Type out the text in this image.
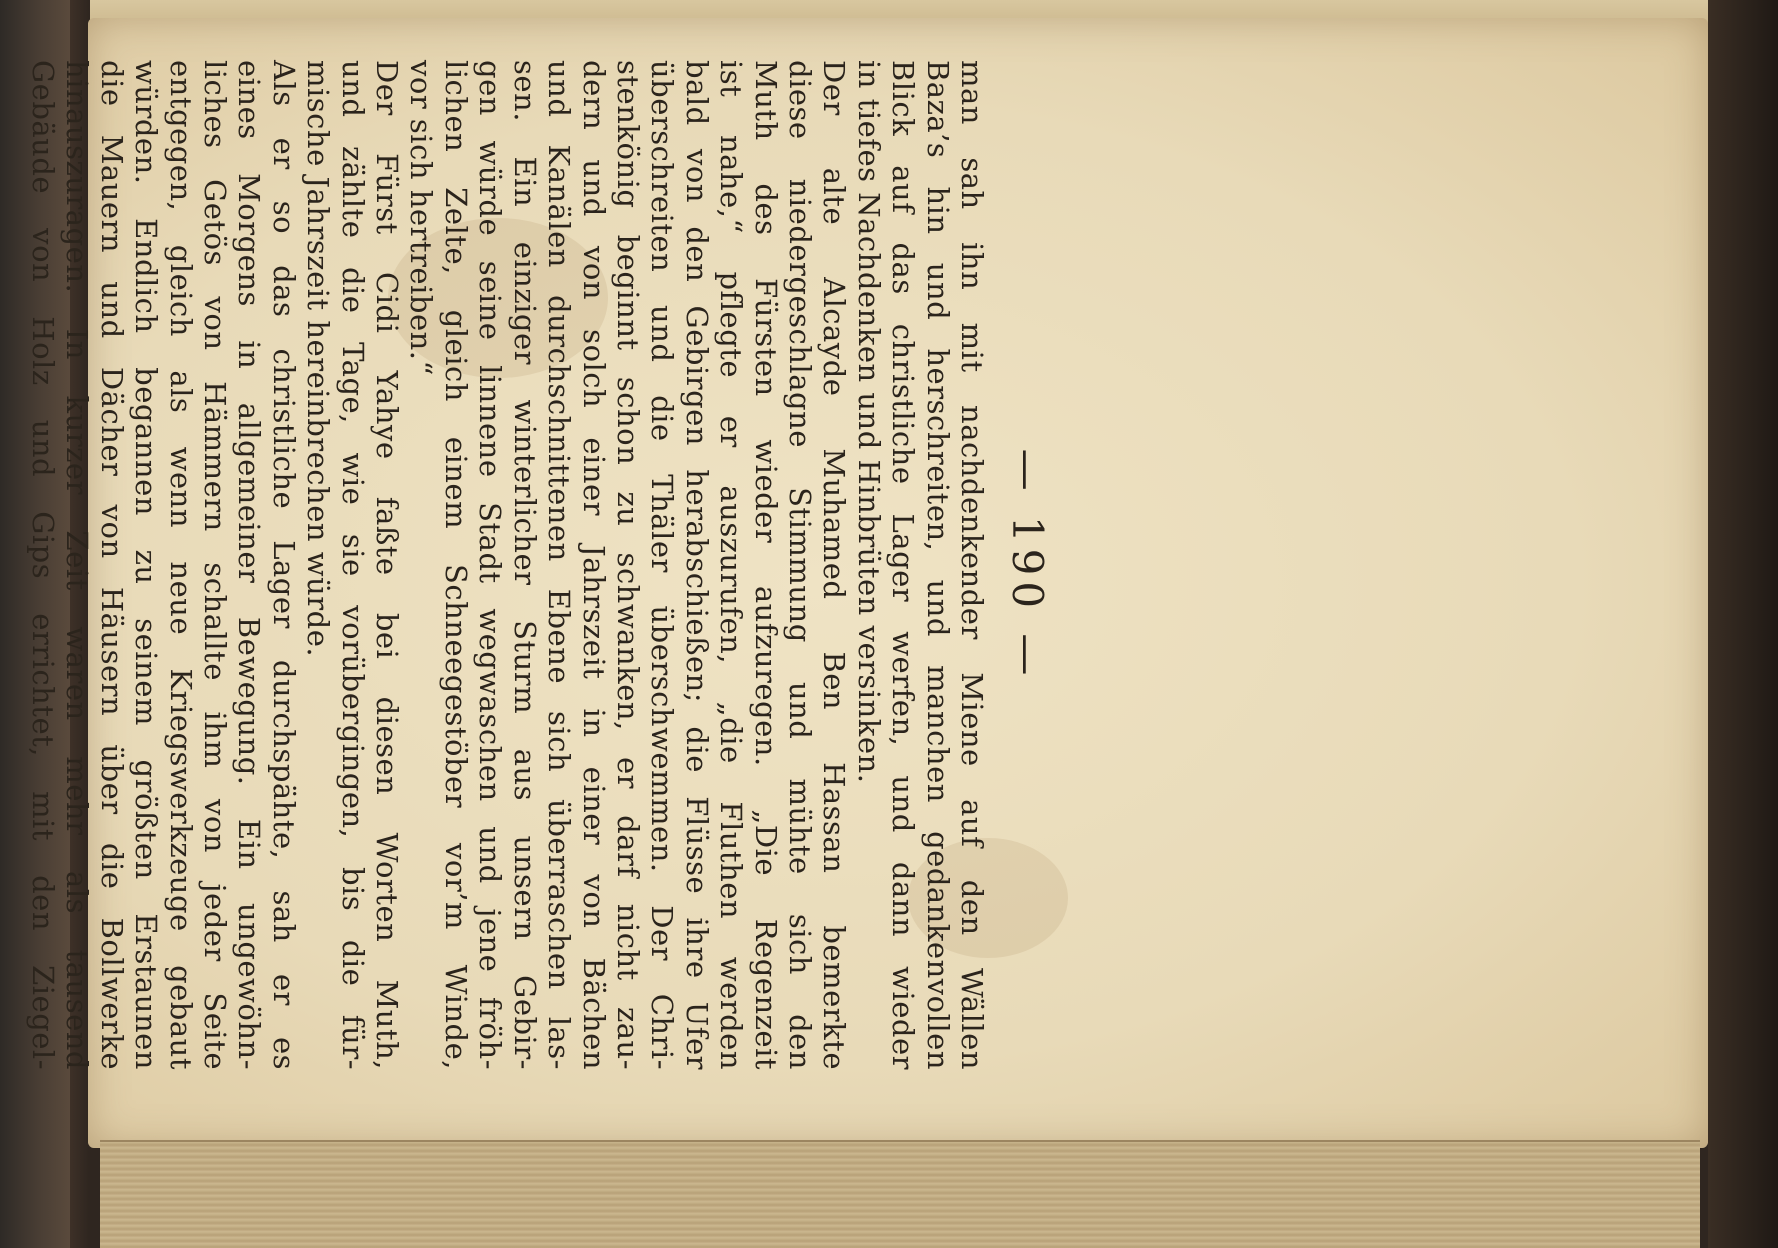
— 190 —
man sah ihn mit nachdenkender Miene auf den Wällen
Baza’s hin und herschreiten, und manchen gedankenvollen
Blick auf das christliche Lager werfen, und dann wieder
in tiefes Nachdenken und Hinbrüten versinken.
Der alte Alcayde Muhamed Ben Hassan bemerkte
diese niedergeschlagne Stimmung und mühte sich den
Muth des Fürsten wieder aufzuregen. „Die Regenzeit
ist nahe,“ pflegte er auszurufen, „die Fluthen werden
bald von den Gebirgen herabschießen; die Flüsse ihre Ufer
überschreiten und die Thäler überschwemmen. Der Chri-
stenkönig beginnt schon zu schwanken, er darf nicht zau-
dern und von solch einer Jahrszeit in einer von Bächen
und Kanälen durchschnittenen Ebene sich überraschen las-
sen. Ein einziger winterlicher Sturm aus unsern Gebir-
gen würde seine linnene Stadt wegwaschen und jene fröh-
lichen Zelte, gleich einem Schneegestöber vor’m Winde,
vor sich hertreiben.“
Der Fürst Cidi Yahye faßte bei diesen Worten Muth,
und zählte die Tage, wie sie vorübergingen, bis die für-
mische Jahrszeit hereinbrechen würde.
Als er so das christliche Lager durchspähte, sah er es
eines Morgens in allgemeiner Bewegung. Ein ungewöhn-
liches Getös von Hämmern schallte ihm von jeder Seite
entgegen, gleich als wenn neue Kriegswerkzeuge gebaut
würden. Endlich begannen zu seinem größten Erstaunen
die Mauern und Dächer von Häusern über die Bollwerke
hinauszuragen. In kurzer Zeit waren mehr als tausend
Gebäude von Holz und Gips errichtet, mit den Ziegel-
